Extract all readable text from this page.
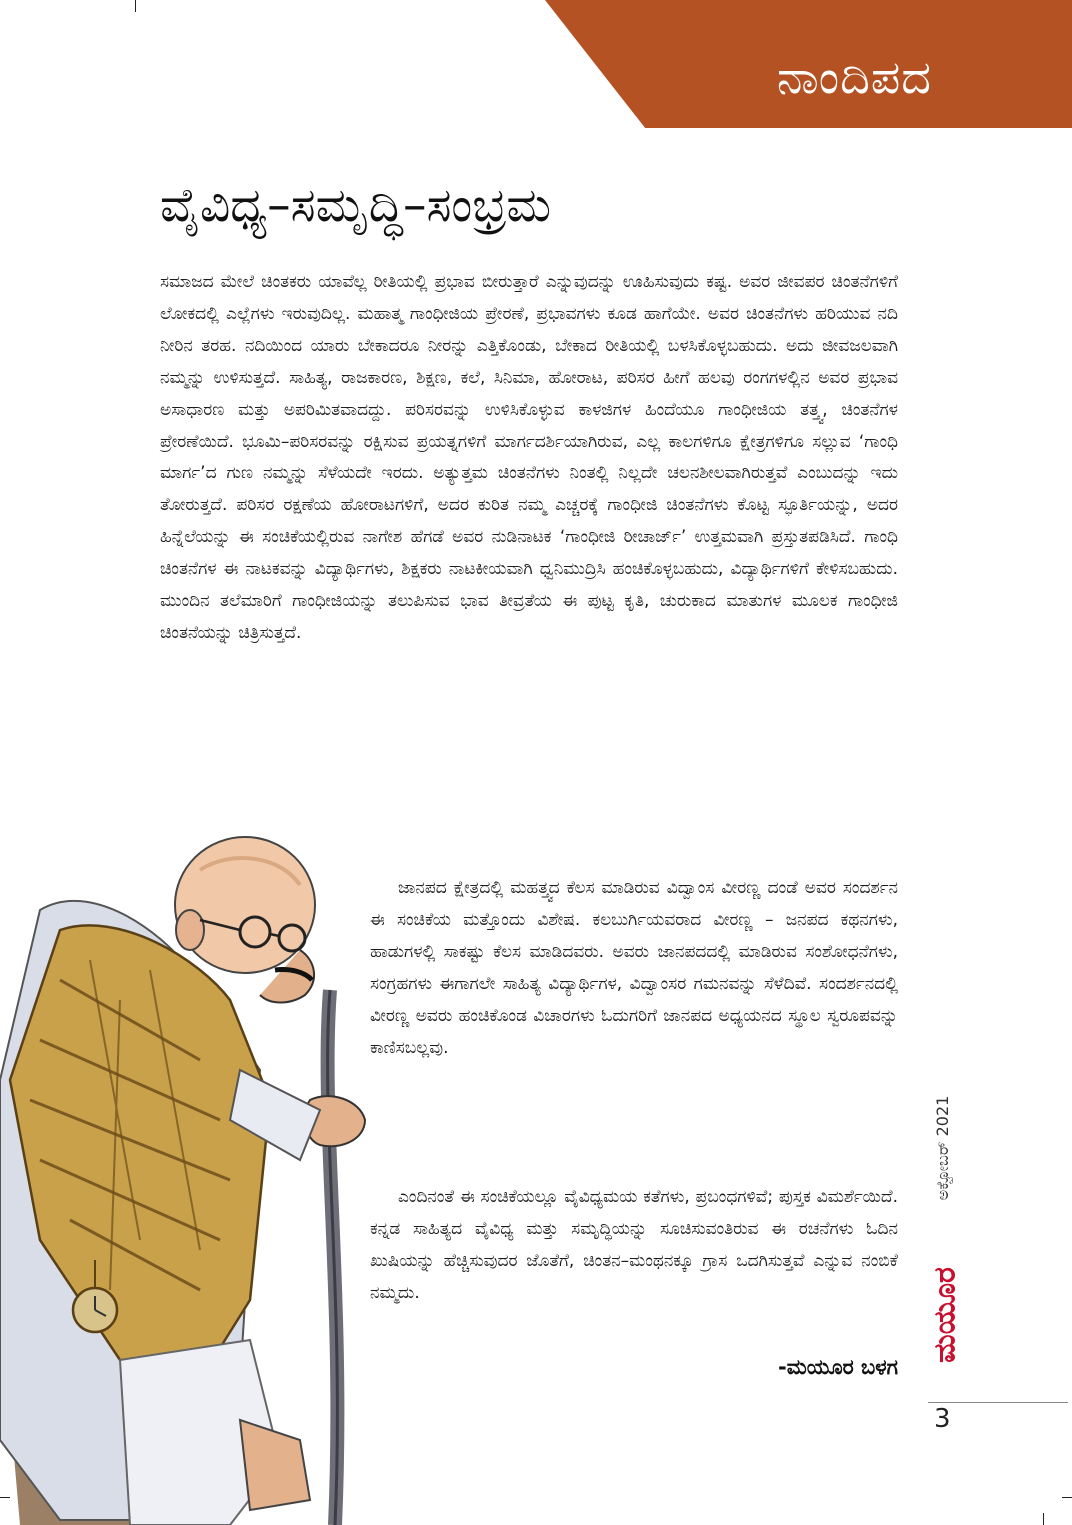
ನಾಂದಿಪದ
ವೈವಿಧ್ಯ–ಸಮೃದ್ಧಿ–ಸಂಭ್ರಮ

ಸಮಾಜದ ಮೇಲೆ ಚಿಂತಕರು ಯಾವೆಲ್ಲ ರೀತಿಯಲ್ಲಿ ಪ್ರಭಾವ ಬೀರುತ್ತಾರೆ ಎನ್ನುವುದನ್ನು ಊಹಿಸುವುದು ಕಷ್ಟ. ಅವರ ಜೀವಪರ ಚಿಂತನೆಗಳಿಗೆ ಲೋಕದಲ್ಲಿ ಎಲ್ಲೆಗಳು ಇರುವುದಿಲ್ಲ. ಮಹಾತ್ಮ ಗಾಂಧೀಜಿಯ ಪ್ರೇರಣೆ, ಪ್ರಭಾವಗಳು ಕೂಡ ಹಾಗೆಯೇ. ಅವರ ಚಿಂತನೆಗಳು ಹರಿಯುವ ನದಿ ನೀರಿನ ತರಹ. ನದಿಯಿಂದ ಯಾರು ಬೇಕಾದರೂ ನೀರನ್ನು ಎತ್ತಿಕೊಂಡು, ಬೇಕಾದ ರೀತಿಯಲ್ಲಿ ಬಳಸಿಕೊಳ್ಳಬಹುದು. ಅದು ಜೀವಜಲವಾಗಿ ನಮ್ಮನ್ನು ಉಳಿಸುತ್ತದೆ. ಸಾಹಿತ್ಯ, ರಾಜಕಾರಣ, ಶಿಕ್ಷಣ, ಕಲೆ, ಸಿನಿಮಾ, ಹೋರಾಟ, ಪರಿಸರ ಹೀಗೆ ಹಲವು ರಂಗಗಳಲ್ಲಿನ ಅವರ ಪ್ರಭಾವ ಅಸಾಧಾರಣ ಮತ್ತು ಅಪರಿಮಿತವಾದದ್ದು. ಪರಿಸರವನ್ನು ಉಳಿಸಿಕೊಳ್ಳುವ ಕಾಳಜಿಗಳ ಹಿಂದೆಯೂ ಗಾಂಧೀಜಿಯ ತತ್ತ್ವ, ಚಿಂತನೆಗಳ ಪ್ರೇರಣೆಯಿದೆ. ಭೂಮಿ–ಪರಿಸರವನ್ನು ರಕ್ಷಿಸುವ ಪ್ರಯತ್ನಗಳಿಗೆ ಮಾರ್ಗದರ್ಶಿಯಾಗಿರುವ, ಎಲ್ಲ ಕಾಲಗಳಿಗೂ ಕ್ಷೇತ್ರಗಳಿಗೂ ಸಲ್ಲುವ ‘ಗಾಂಧಿ ಮಾರ್ಗ’ದ ಗುಣ ನಮ್ಮನ್ನು ಸೆಳೆಯದೇ ಇರದು. ಅತ್ಯುತ್ತಮ ಚಿಂತನೆಗಳು ನಿಂತಲ್ಲಿ ನಿಲ್ಲದೇ ಚಲನಶೀಲವಾಗಿರುತ್ತವೆ ಎಂಬುದನ್ನು ಇದು ತೋರುತ್ತದೆ. ಪರಿಸರ ರಕ್ಷಣೆಯ ಹೋರಾಟಗಳಿಗೆ, ಅದರ ಕುರಿತ ನಮ್ಮ ಎಚ್ಚರಕ್ಕೆ ಗಾಂಧೀಜಿ ಚಿಂತನೆಗಳು ಕೊಟ್ಟ ಸ್ಫೂರ್ತಿಯನ್ನು, ಅದರ ಹಿನ್ನೆಲೆಯನ್ನು ಈ ಸಂಚಿಕೆಯಲ್ಲಿರುವ ನಾಗೇಶ ಹೆಗಡೆ ಅವರ ನುಡಿನಾಟಕ ‘ಗಾಂಧೀಜಿ ರೀಚಾರ್ಜ್’ ಉತ್ತಮವಾಗಿ ಪ್ರಸ್ತುತಪಡಿಸಿದೆ. ಗಾಂಧಿ ಚಿಂತನೆಗಳ ಈ ನಾಟಕವನ್ನು ವಿದ್ಯಾರ್ಥಿಗಳು, ಶಿಕ್ಷಕರು ನಾಟಕೀಯವಾಗಿ ಧ್ವನಿಮುದ್ರಿಸಿ ಹಂಚಿಕೊಳ್ಳಬಹುದು, ವಿದ್ಯಾರ್ಥಿಗಳಿಗೆ ಕೇಳಿಸಬಹುದು. ಮುಂದಿನ ತಲೆಮಾರಿಗೆ ಗಾಂಧೀಜಿಯನ್ನು ತಲುಪಿಸುವ ಭಾವ ತೀವ್ರತೆಯ ಈ ಪುಟ್ಟ ಕೃತಿ, ಚುರುಕಾದ ಮಾತುಗಳ ಮೂಲಕ ಗಾಂಧೀಜಿ ಚಿಂತನೆಯನ್ನು ಚಿತ್ರಿಸುತ್ತದೆ.

ಜಾನಪದ ಕ್ಷೇತ್ರದಲ್ಲಿ ಮಹತ್ತ್ವದ ಕೆಲಸ ಮಾಡಿರುವ ವಿದ್ವಾಂಸ ವೀರಣ್ಣ ದಂಡೆ ಅವರ ಸಂದರ್ಶನ ಈ ಸಂಚಿಕೆಯ ಮತ್ತೊಂದು ವಿಶೇಷ. ಕಲಬುರ್ಗಿಯವರಾದ ವೀರಣ್ಣ – ಜನಪದ ಕಥನಗಳು, ಹಾಡುಗಳಲ್ಲಿ ಸಾಕಷ್ಟು ಕೆಲಸ ಮಾಡಿದವರು. ಅವರು ಜಾನಪದದಲ್ಲಿ ಮಾಡಿರುವ ಸಂಶೋಧನೆಗಳು, ಸಂಗ್ರಹಗಳು ಈಗಾಗಲೇ ಸಾಹಿತ್ಯ ವಿದ್ಯಾರ್ಥಿಗಳ, ವಿದ್ವಾಂಸರ ಗಮನವನ್ನು ಸೆಳೆದಿವೆ. ಸಂದರ್ಶನದಲ್ಲಿ ವೀರಣ್ಣ ಅವರು ಹಂಚಿಕೊಂಡ ವಿಚಾರಗಳು ಓದುಗರಿಗೆ ಜಾನಪದ ಅಧ್ಯಯನದ ಸ್ಥೂಲ ಸ್ವರೂಪವನ್ನು ಕಾಣಿಸಬಲ್ಲವು.

ಎಂದಿನಂತೆ ಈ ಸಂಚಿಕೆಯಲ್ಲೂ ವೈವಿಧ್ಯಮಯ ಕತೆಗಳು, ಪ್ರಬಂಧಗಳಿವೆ; ಪುಸ್ತಕ ವಿಮರ್ಶೆಯಿದೆ. ಕನ್ನಡ ಸಾಹಿತ್ಯದ ವೈವಿಧ್ಯ ಮತ್ತು ಸಮೃದ್ಧಿಯನ್ನು ಸೂಚಿಸುವಂತಿರುವ ಈ ರಚನೆಗಳು ಓದಿನ ಖುಷಿಯನ್ನು ಹೆಚ್ಚಿಸುವುದರ ಜೊತೆಗೆ, ಚಿಂತನ–ಮಂಥನಕ್ಕೂ ಗ್ರಾಸ ಒದಗಿಸುತ್ತವೆ ಎನ್ನುವ ನಂಬಿಕೆ ನಮ್ಮದು.

-ಮಯೂರ ಬಳಗ
ಅಕ್ಟೋಬರ್ 2021
ಮಯೂರ
3
